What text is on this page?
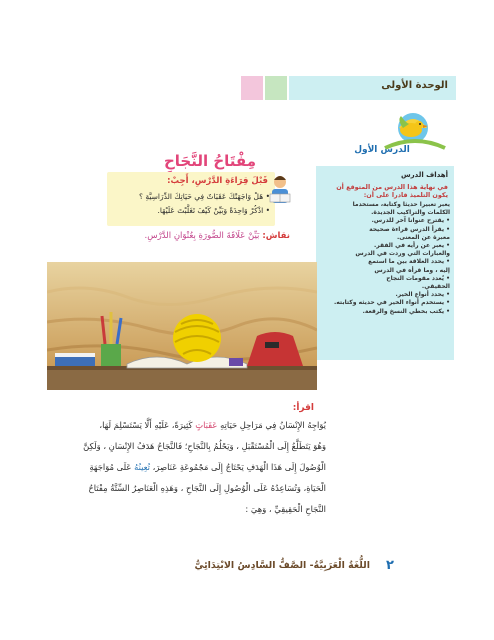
الوحدة الأولى
الدرس الأول
أهداف الدرس
في نهاية هذا الدرس من المتوقع أن يكون التلميذ قادرا على أن:
يعبر تعبيرا حديثا وكتابة، مستخدما
الكلمات والتراكيب الجديدة.
• يقترح عنوانا آخر للدرس.
• يقرأ الدرس قراءة صحيحة
معبرة عن المعنى.
• يعبر عن رأيه في الفقر.
والعبارات التي وردت في الدرس
• يحدد العلاقة بين ما استمع
إليه ، وما قرأه في الدرس
• يُعدد مقومات النجاح
الحقيقي.
• يحدد أنواع الخير.
• يستخدم أنواء الخير في حديثه وكتابته.
• يكتب بخطي النسخ والرقعة.
مِفْتَاحُ النَّجَاحِ
قَبْلَ قِرَاءَةِ الدَّرْسِ، أَجِبْ:
• هَلْ وَاجَهَتْكَ عَقَبَاتٌ فِي حَيَاتِكَ الدِّرَاسِيَّةِ ؟
• اذْكُرْ وَاحِدَةً وَبَيِّنْ كَيْفَ تَغَلَّبْتَ عَلَيْهَا.
نقاش: بَيِّنْ عَلَاقَةَ الصُّورَةِ بِعُنْوَانِ الدَّرْسِ.
اقرأ:
يُوَاجِهُ الإِنْسَانُ فِي مَرَاحِلِ حَيَاتِهِ عَقَبَاتٍ كَثِيرَةً، عَلَيْهِ أَلَّا يَسْتَسْلِمَ لَهَا،
وَهُوَ يَتَطَلَّعُ إِلَى الْمُسْتَقْبَلِ ، وَيَحْلُمُ بِالنَّجَاحِ؛ فَالنَّجَاحُ هَدَفُ الإِنْسَانِ ، وَلَكِنَّ
الْوُصُولَ إِلَى هَذَا الْهَدَفِ يَحْتَاجُ إِلَى مَجْمُوعَةِ عَنَاصِرَ، تُعِينُهُ عَلَى مُوَاجَهَةِ
الْحَيَاةِ، وَتُسَاعِدُهُ عَلَى الْوُصُولِ إِلَى النَّجَاحِ ، وَهَذِهِ الْعَنَاصِرُ السِّتَّةُ مِفْتَاحُ
النَّجَاحِ الْحَقِيقِيِّ ، وَهِيَ :
٢
اللُّغَةُ الْعَرَبِيَّةُ- الصَّفُّ السَّادِسُ الابْتِدَائِيُّ
